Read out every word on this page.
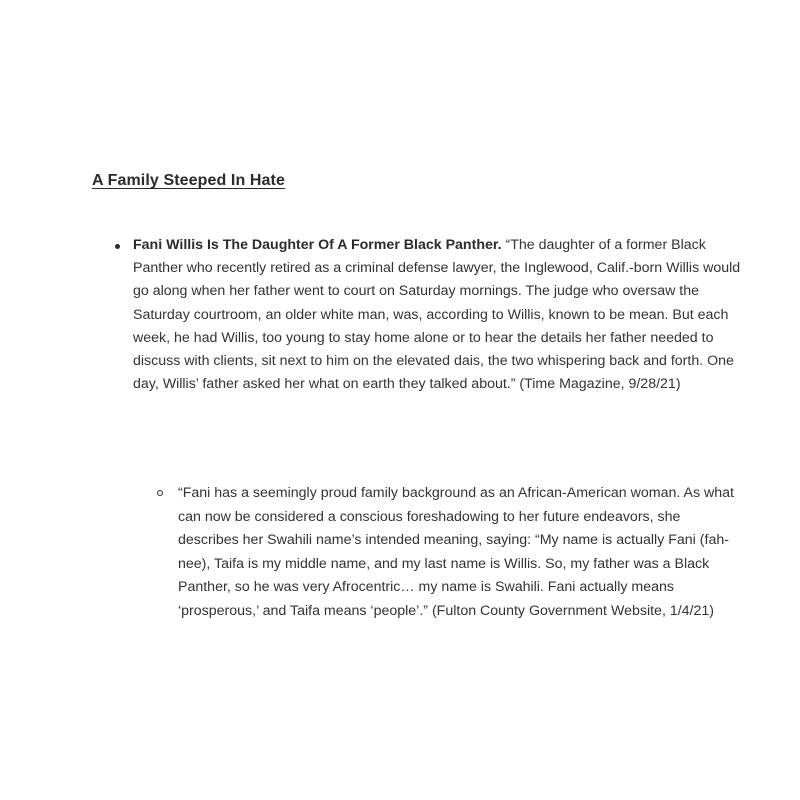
A Family Steeped In Hate
Fani Willis Is The Daughter Of A Former Black Panther. “The daughter of a former Black Panther who recently retired as a criminal defense lawyer, the Inglewood, Calif.-born Willis would go along when her father went to court on Saturday mornings. The judge who oversaw the Saturday courtroom, an older white man, was, according to Willis, known to be mean. But each week, he had Willis, too young to stay home alone or to hear the details her father needed to discuss with clients, sit next to him on the elevated dais, the two whispering back and forth. One day, Willis’ father asked her what on earth they talked about.” (Time Magazine, 9/28/21)
“Fani has a seemingly proud family background as an African-American woman. As what can now be considered a conscious foreshadowing to her future endeavors, she describes her Swahili name’s intended meaning, saying: “My name is actually Fani (fah-nee), Taifa is my middle name, and my last name is Willis. So, my father was a Black Panther, so he was very Afrocentric… my name is Swahili. Fani actually means ‘prosperous,’ and Taifa means ‘people’.” (Fulton County Government Website, 1/4/21)
